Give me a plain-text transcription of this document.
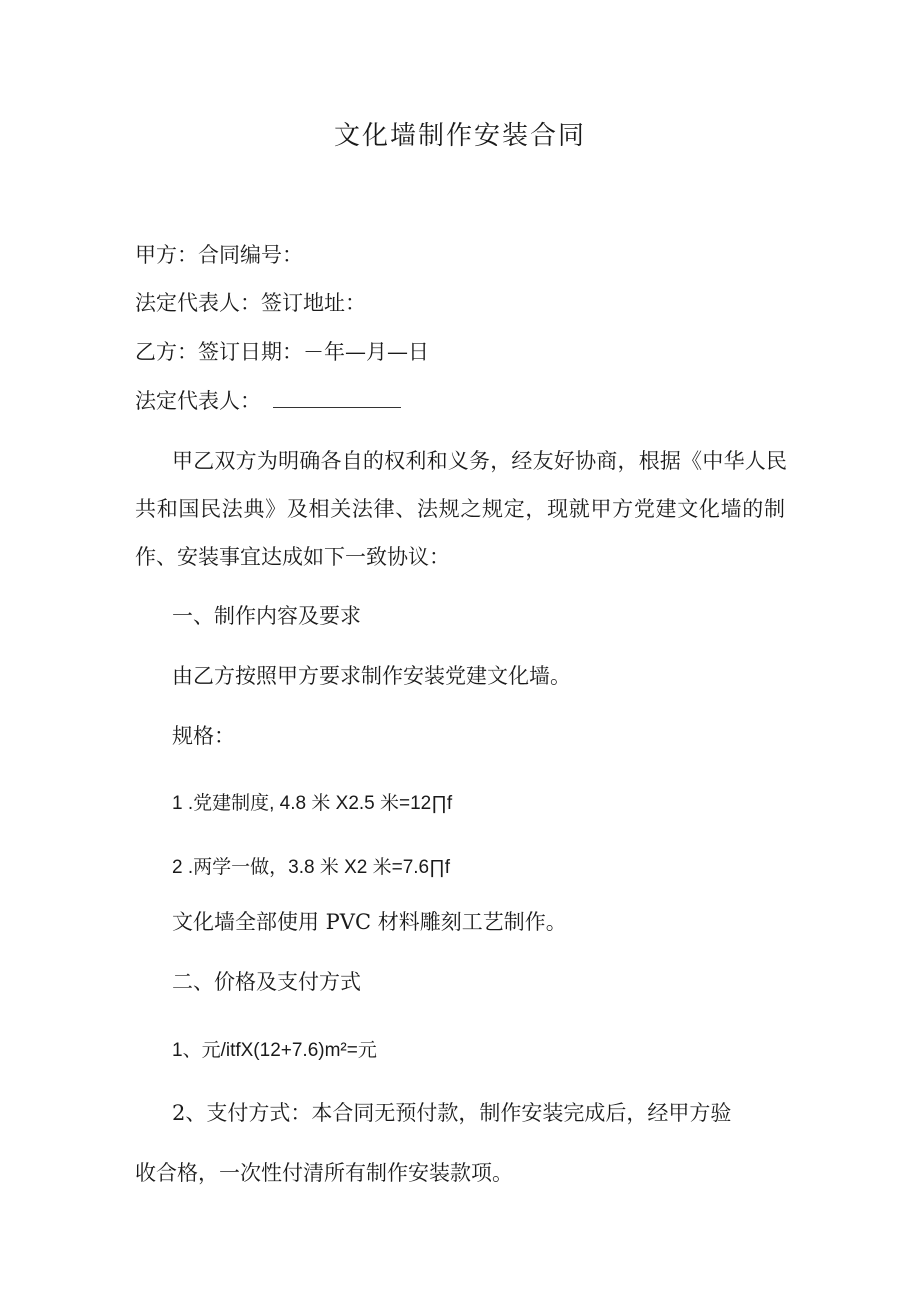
文化墙制作安装合同
甲方：合同编号：
法定代表人：签订地址：
乙方：签订日期：－年—月—日
法定代表人：
甲乙双方为明确各自的权利和义务，经友好协商，根据《中华人民
共和国民法典》及相关法律、法规之规定，现就甲方党建文化墙的制
作、安装事宜达成如下一致协议：
一、制作内容及要求
由乙方按照甲方要求制作安装党建文化墙。
规格：
1 .党建制度, 4.8 米 X2.5 米=12∏f
2 .两学一做，3.8 米 X2 米=7.6∏f
文化墙全部使用 PVC 材料雕刻工艺制作。
二、价格及支付方式
1、元/itfX(12+7.6)m²=元
2、支付方式：本合同无预付款，制作安装完成后，经甲方验
收合格，一次性付清所有制作安装款项。
